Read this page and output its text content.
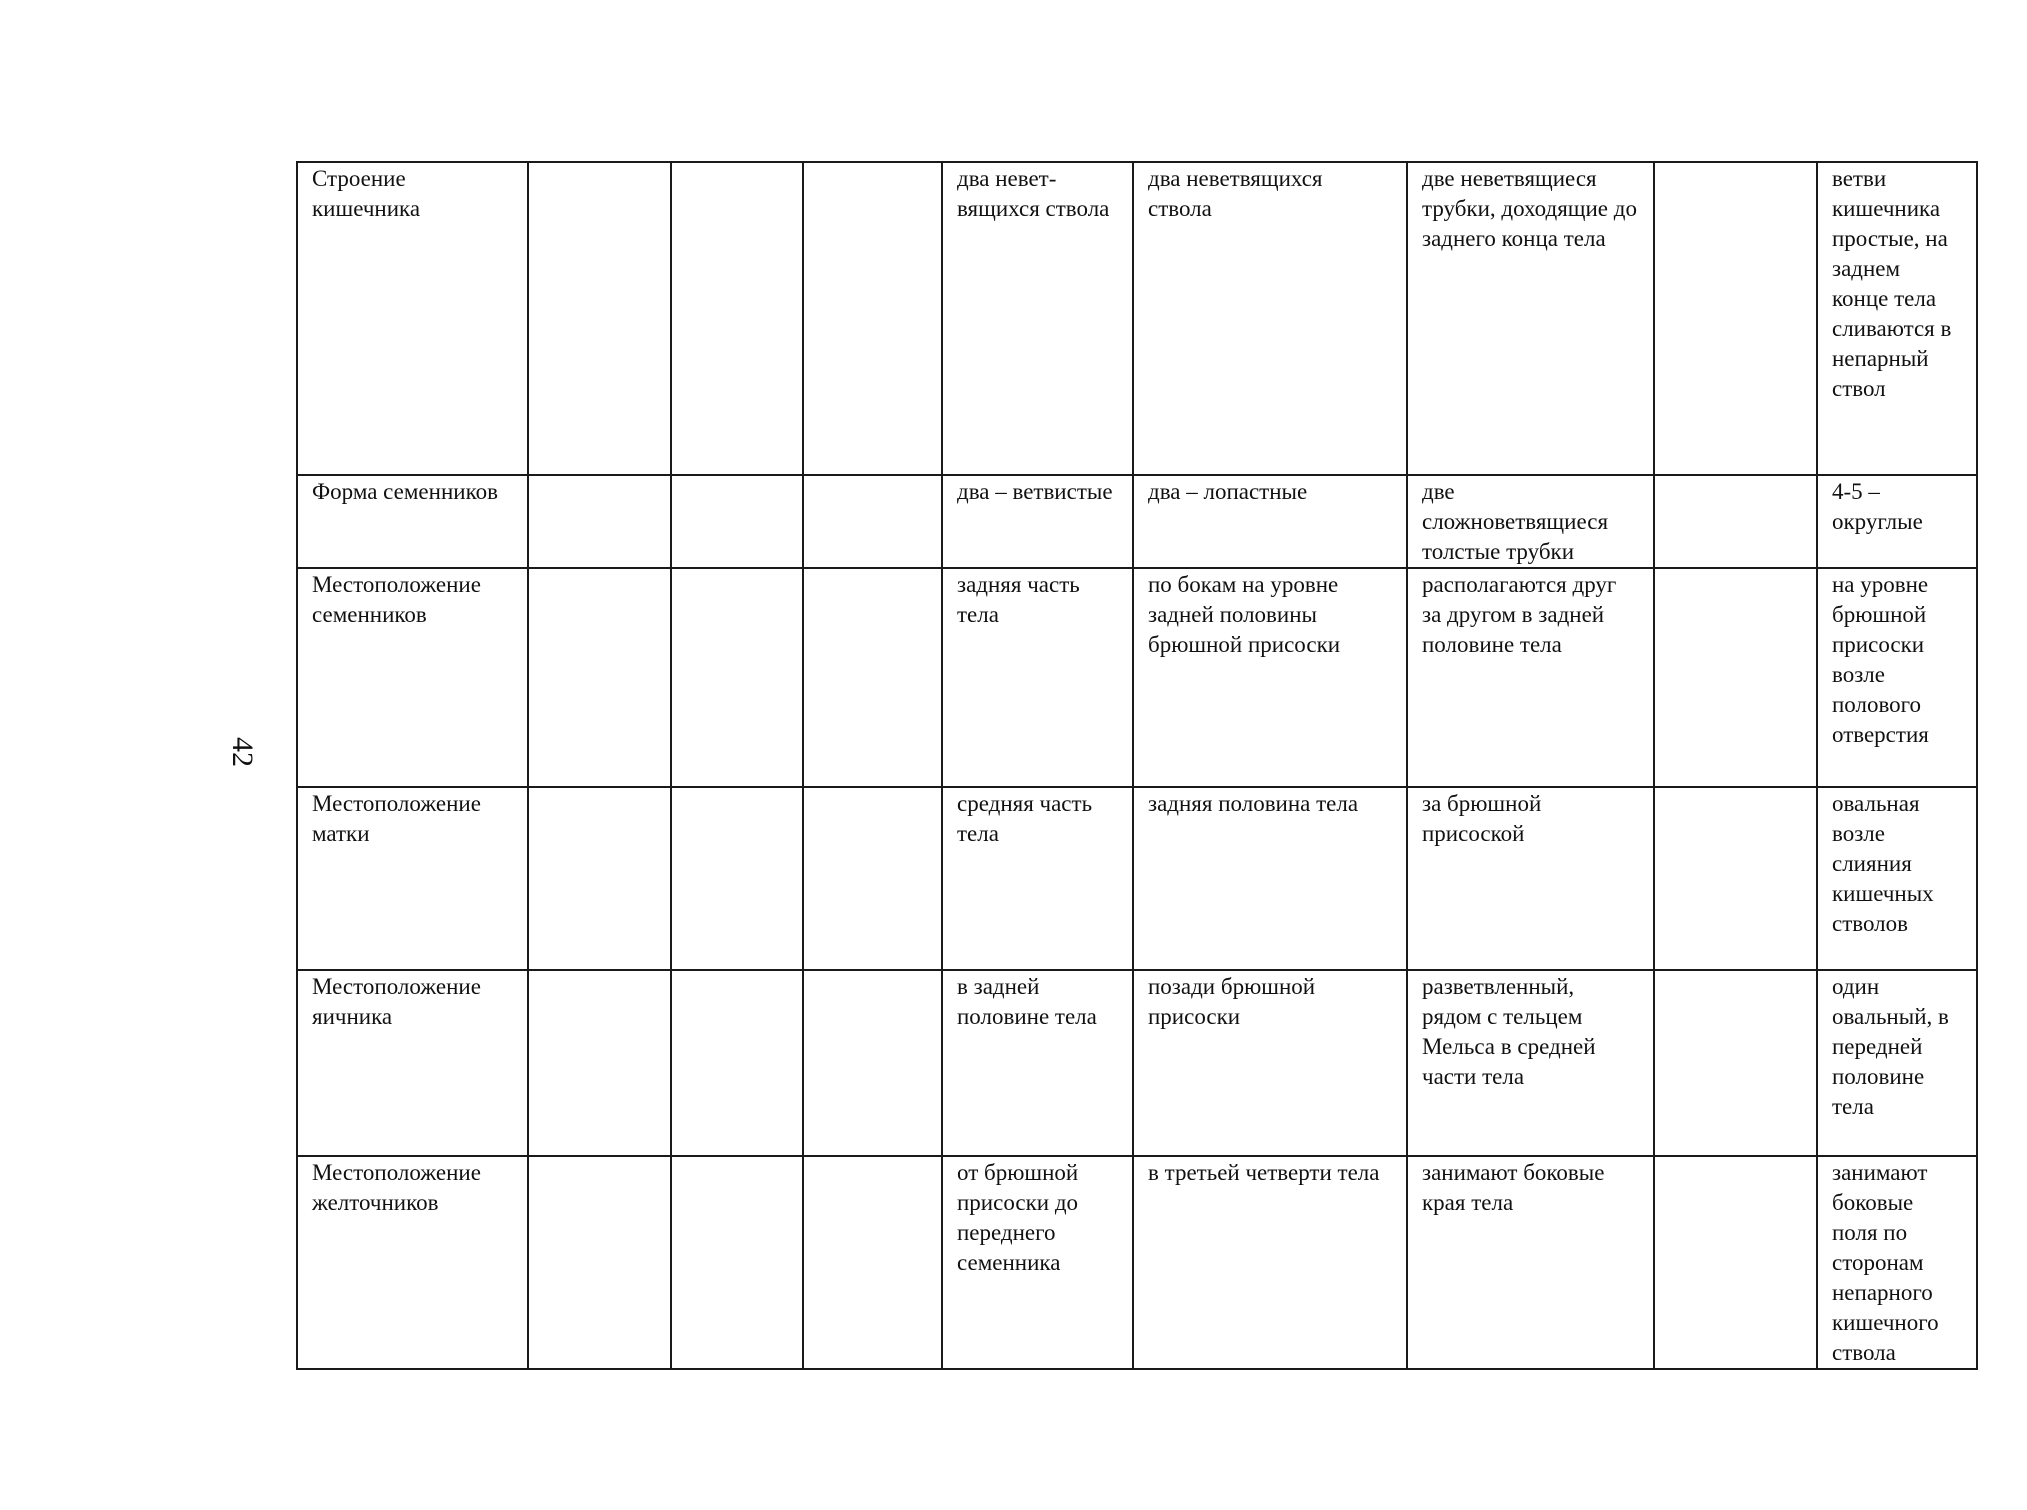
42
Строение кишечника				два неветвящихся ствола	два неветвящихся ствола	две неветвящиеся трубки, доходящие до заднего конца тела		ветви кишечника простые, на заднем конце тела сливаются в непарный ствол
Форма семенников				два – ветвистые	два – лопастные	две сложноветвящиеся толстые трубки		4-5 – округлые
Местоположение семенников				задняя часть тела	по бокам на уровне задней половины брюшной присоски	располагаются друг за другом в задней половине тела		на уровне брюшной присоски возле полового отверстия
Местоположение матки				средняя часть тела	задняя половина тела	за брюшной присоской		овальная возле слияния кишечных стволов
Местоположение яичника				в задней половине тела	позади брюшной присоски	разветвленный, рядом с тельцем Мельса в средней части тела		один овальный, в передней половине тела
Местоположение желточников				от брюшной присоски до переднего семенника	в третьей четверти тела	занимают боковые края тела		занимают боковые поля по сторонам непарного кишечного ствола
